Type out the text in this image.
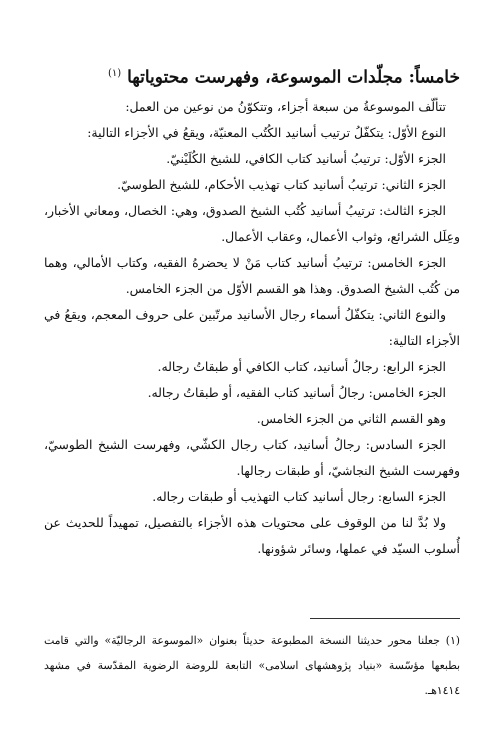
خامساً: مجلّدات الموسوعة، وفهرست محتوياتها $^{(١)}$

تتألّف الموسوعةُ من سبعة أجزاء، وتتكوّنُ من نوعين من العمل:

النوع الأوّل: يتكفّلُ ترتيب أسانيد الكُتُب المعنيّة، ويقعُ في الأجزاء التالية:

الجزء الأوّل: ترتيبُ أسانيد كتاب الكافي، للشيخ الكُلَيْنيّ.

الجزء الثاني: ترتيبُ أسانيد كتاب تهذيب الأحكام، للشيخ الطوسيّ.

الجزء الثالث: ترتيبُ أسانيد كُتُب الشيخ الصدوق، وهي: الخصال، ومعاني الأخبار، وعِلَل الشرائع، وثواب الأعمال، وعقاب الأعمال.

الجزء الخامس: ترتيبُ أسانيد كتاب مَنْ لا يحضرهُ الفقيه، وكتاب الأمالي، وهما من كُتُب الشيخ الصدوق. وهذا هو القسم الأوّل من الجزء الخامس.

والنوع الثاني: يتكفّلُ أسماء رجال الأسانيد مرتّبين على حروف المعجم، ويقعُ في الأجزاء التالية:

الجزء الرابع: رجالُ أسانيد، كتاب الكافي أو طبقاتُ رجاله.

الجزء الخامس: رجالُ أسانيد كتاب الفقيه، أو طبقاتُ رجاله.

وهو القسم الثاني من الجزء الخامس.

الجزء السادس: رجالُ أسانيد، كتاب رجال الكشّي، وفهرست الشيخ الطوسيّ، وفهرست الشيخ النجاشيّ، أو طبقات رجالها.

الجزء السابع: رجال أسانيد كتاب التهذيب أو طبقات رجاله.

ولا بُدَّ لنا من الوقوف على محتويات هذه الأجزاء بالتفصيل، تمهيداً للحديث عن أُسلوب السيّد في عملها، وسائر شؤونها.

(١) جعلنا محور حديثنا النسخة المطبوعة حديثاً بعنوان «الموسوعة الرجاليّة» والتي قامت بطبعها مؤسّسة «بنياد پژوهشهاى اسلامى» التابعة للروضة الرضوية المقدّسة في مشهد ١٤١٤هـ.
